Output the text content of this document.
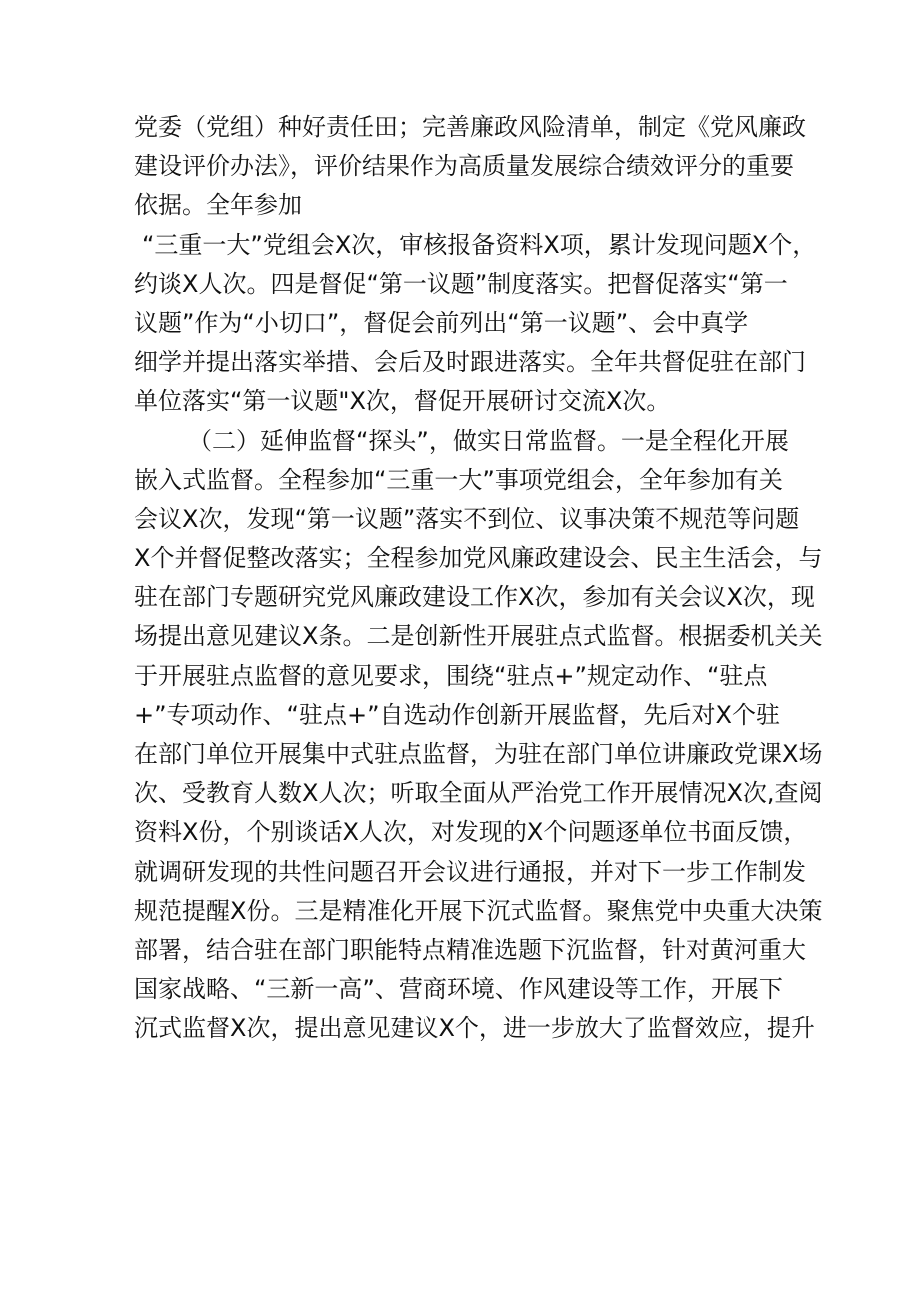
党委（党组）种好责任田；完善廉政风险清单，制定《党风廉政
建设评价办法》，评价结果作为高质量发展综合绩效评分的重要
依据。全年参加
“三重一大”党组会X次，审核报备资料X项，累计发现问题X个，
约谈X人次。四是督促“第一议题”制度落实。把督促落实“第一
议题”作为“小切口”，督促会前列出“第一议题”、会中真学
细学并提出落实举措、会后及时跟进落实。全年共督促驻在部门
单位落实“第一议题"X次，督促开展研讨交流X次。
（二）延伸监督“探头”，做实日常监督。一是全程化开展
嵌入式监督。全程参加“三重一大”事项党组会，全年参加有关
会议X次，发现“第一议题”落实不到位、议事决策不规范等问题
X个并督促整改落实；全程参加党风廉政建设会、民主生活会，与
驻在部门专题研究党风廉政建设工作X次，参加有关会议X次，现
场提出意见建议X条。二是创新性开展驻点式监督。根据委机关关
于开展驻点监督的意见要求，围绕“驻点+”规定动作、“驻点
+”专项动作、“驻点+”自选动作创新开展监督，先后对X个驻
在部门单位开展集中式驻点监督，为驻在部门单位讲廉政党课X场
次、受教育人数X人次；听取全面从严治党工作开展情况X次,查阅
资料X份，个别谈话X人次，对发现的X个问题逐单位书面反馈，
就调研发现的共性问题召开会议进行通报，并对下一步工作制发
规范提醒X份。三是精准化开展下沉式监督。聚焦党中央重大决策
部署，结合驻在部门职能特点精准选题下沉监督，针对黄河重大
国家战略、“三新一高”、营商环境、作风建设等工作，开展下
沉式监督X次，提出意见建议X个，进一步放大了监督效应，提升
